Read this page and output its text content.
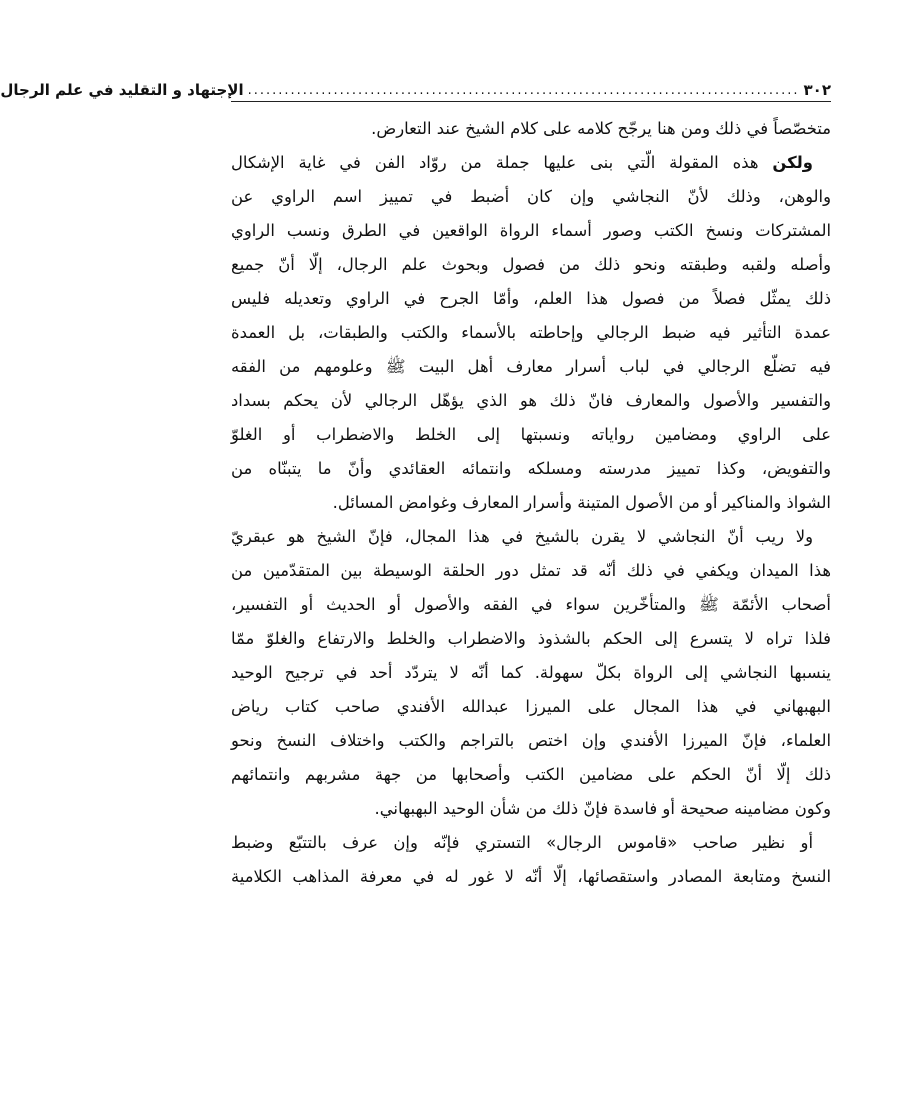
٣٠٢
..........................................................................................
الإجتهاد و التقليد في علم الرجال
متخصّصاً في ذلك ومن هنا يرجّح كلامه على كلام الشيخ عند التعارض.
ولكن هذه المقولة الّتي بنى عليها جملة من روّاد الفن في غاية الإشكال
والوهن، وذلك لأنّ النجاشي وإن كان أضبط في تمييز اسم الراوي عن
المشتركات ونسخ الكتب وصور أسماء الرواة الواقعين في الطرق ونسب الراوي
وأصله ولقبه وطبقته ونحو ذلك من فصول وبحوث علم الرجال، إلّا أنّ جميع
ذلك يمثّل فصلاً من فصول هذا العلم، وأمّا الجرح في الراوي وتعديله فليس
عمدة التأثير فيه ضبط الرجالي وإحاطته بالأسماء والكتب والطبقات، بل العمدة
فيه تضلّع الرجالي في لباب أسرار معارف أهل البيت ﷺ وعلومهم من الفقه
والتفسير والأصول والمعارف فانّ ذلك هو الذي يؤهّل الرجالي لأن يحكم بسداد
على الراوي ومضامين رواياته ونسبتها إلى الخلط والاضطراب أو الغلوّ
والتفويض، وكذا تمييز مدرسته ومسلكه وانتمائه العقائدي وأنّ ما يتبنّاه من
الشواذ والمناكير أو من الأصول المتينة وأسرار المعارف وغوامض المسائل.
ولا ريب أنّ النجاشي لا يقرن بالشيخ في هذا المجال، فإنّ الشيخ هو عبقريّ
هذا الميدان ويكفي في ذلك أنّه قد تمثل دور الحلقة الوسيطة بين المتقدّمين من
أصحاب الأئمّة ﷺ والمتأخّرين سواء في الفقه والأصول أو الحديث أو التفسير،
فلذا تراه لا يتسرع إلى الحكم بالشذوذ والاضطراب والخلط والارتفاع والغلوّ ممّا
ينسبها النجاشي إلى الرواة بكلّ سهولة. كما أنّه لا يتردّد أحد في ترجيح الوحيد
البهبهاني في هذا المجال على الميرزا عبدالله الأفندي صاحب كتاب رياض
العلماء، فإنّ الميرزا الأفندي وإن اختص بالتراجم والكتب واختلاف النسخ ونحو
ذلك إلّا أنّ الحكم على مضامين الكتب وأصحابها من جهة مشربهم وانتمائهم
وكون مضامينه صحيحة أو فاسدة فإنّ ذلك من شأن الوحيد البهبهاني.
أو نظير صاحب «قاموس الرجال» التستري فإنّه وإن عرف بالتتبّع وضبط
النسخ ومتابعة المصادر واستقصائها، إلّا أنّه لا غور له في معرفة المذاهب الكلامية
